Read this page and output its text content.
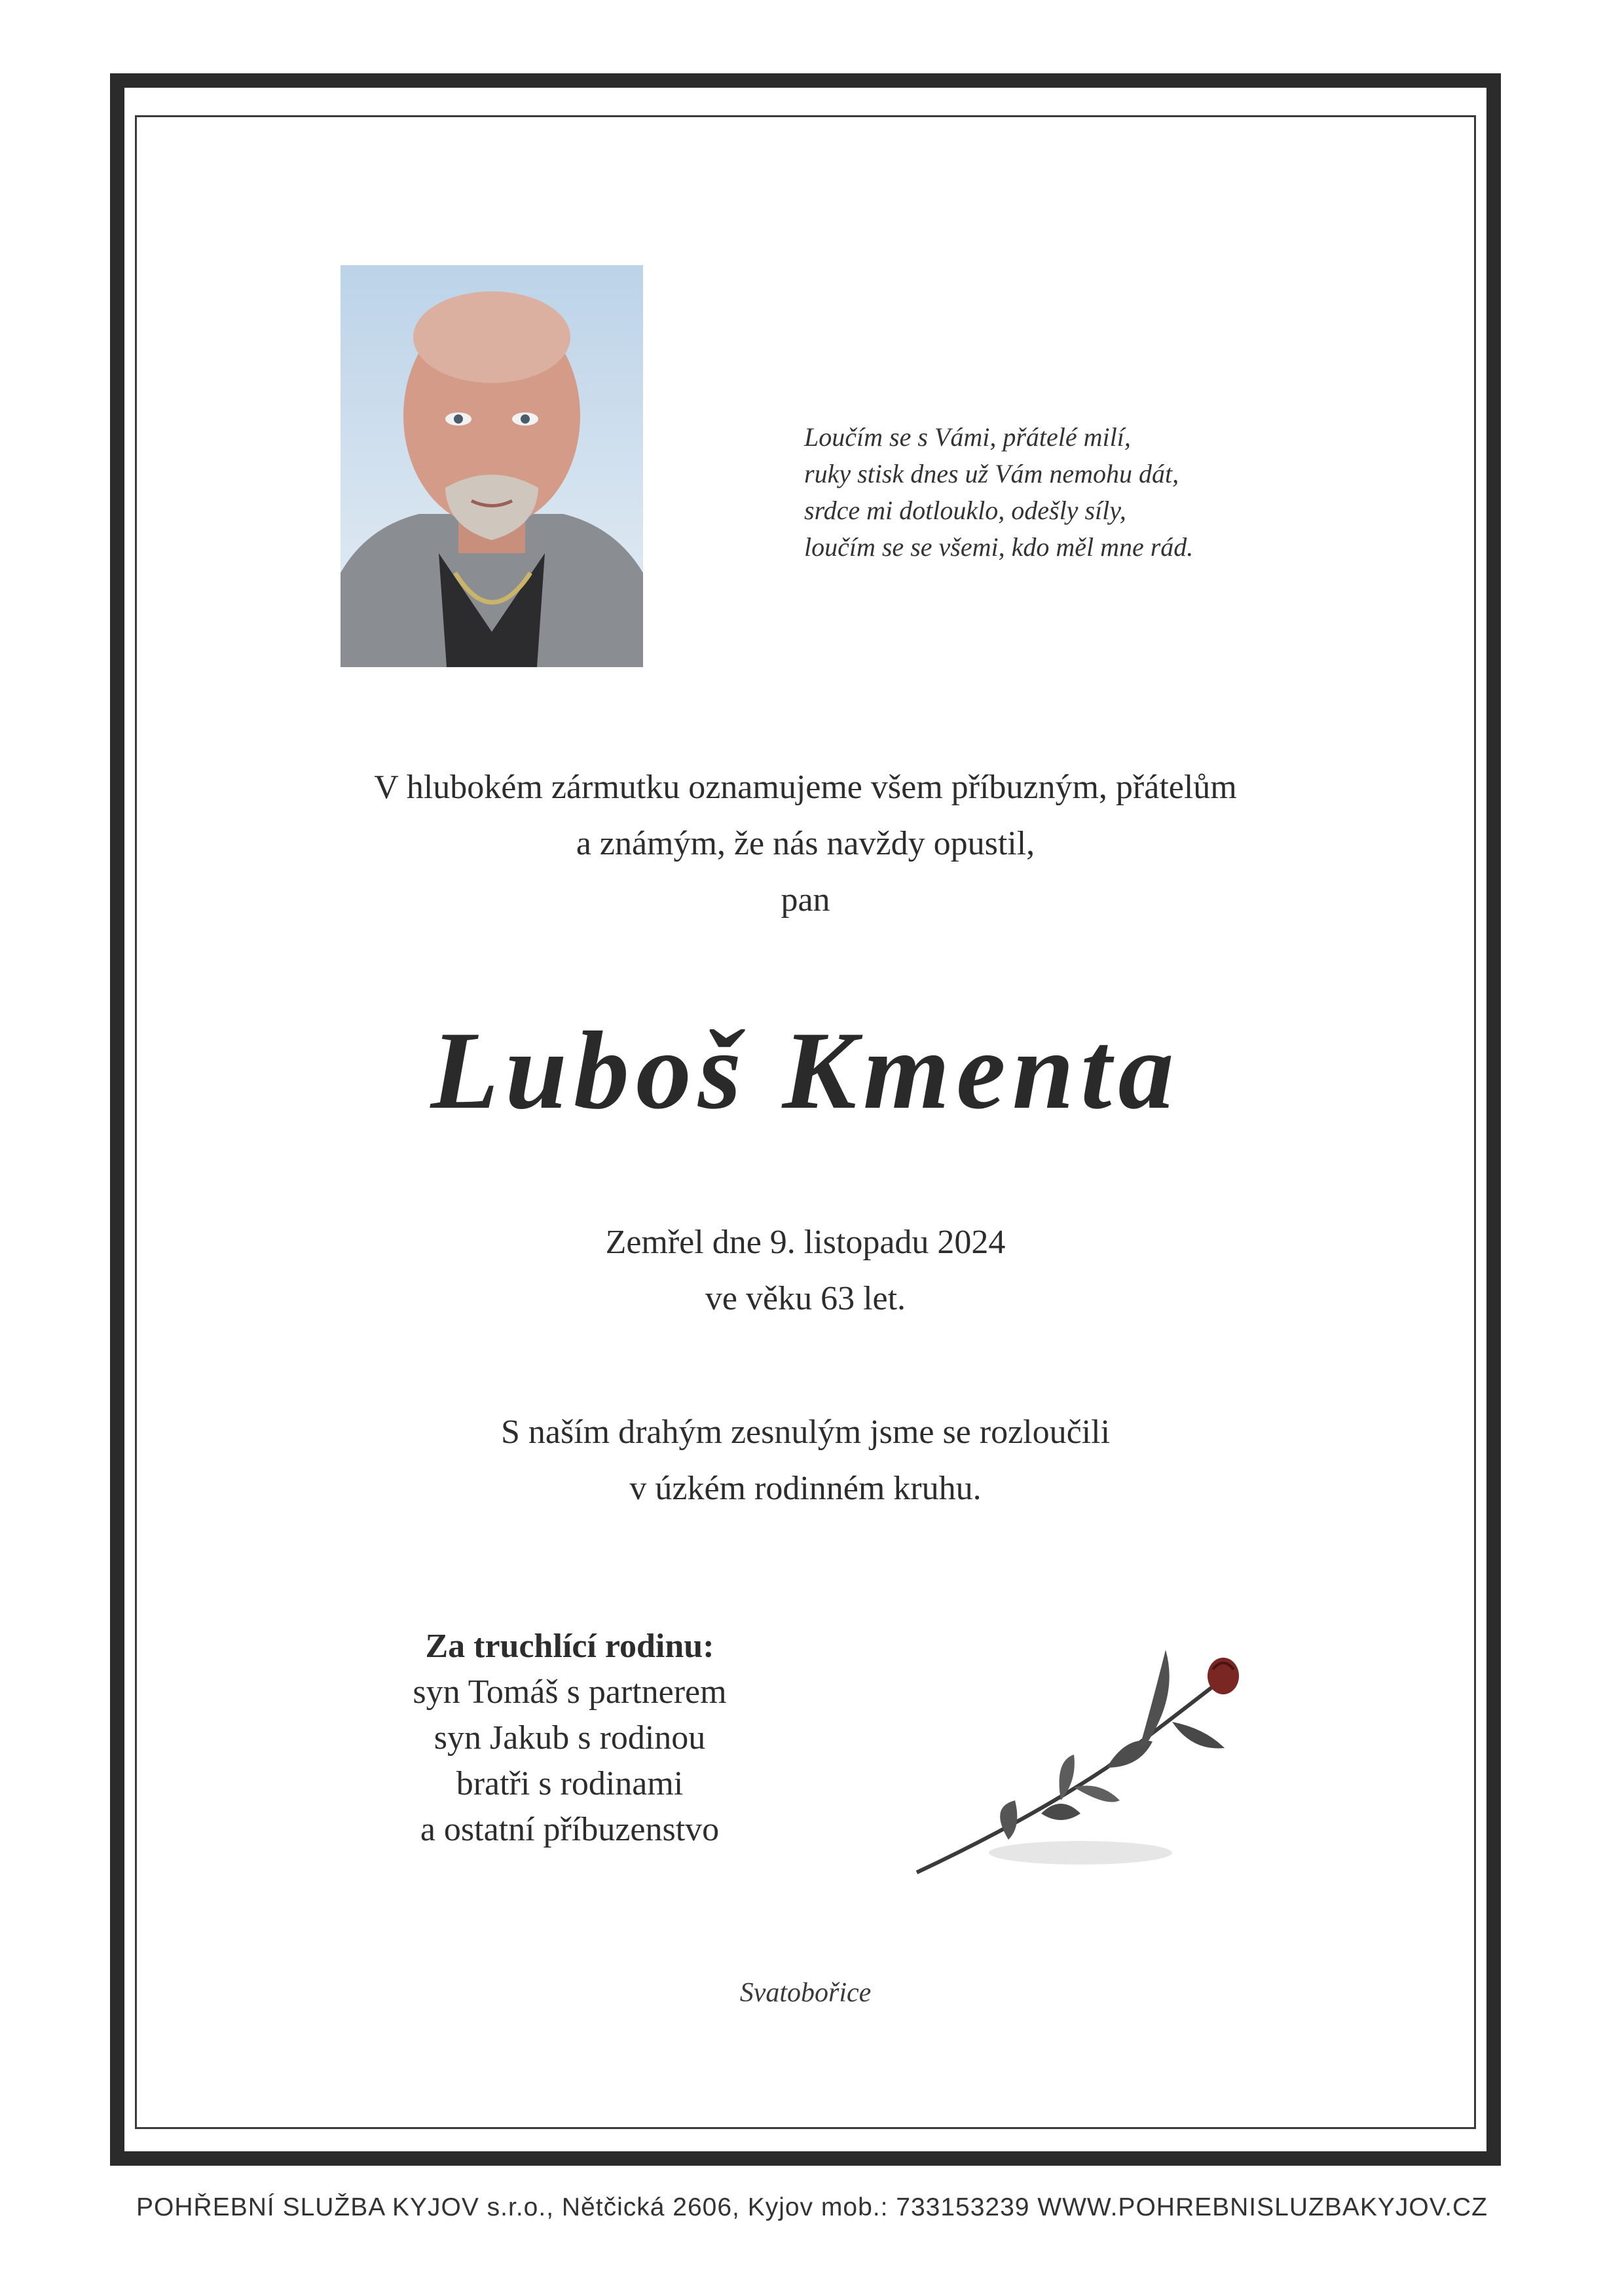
Loučím se s Vámi, přátelé milí,
ruky stisk dnes už Vám nemohu dát,
srdce mi dotlouklo, odešly síly,
loučím se se všemi, kdo měl mne rád.
V hlubokém zármutku oznamujeme všem příbuzným, přátelům
a známým, že nás navždy opustil,
pan
Luboš Kmenta
Zemřel dne 9. listopadu 2024
ve věku 63 let.
S naším drahým zesnulým jsme se rozloučili
v úzkém rodinném kruhu.
Za truchlící rodinu:
syn Tomáš s partnerem
syn Jakub s rodinou
bratři s rodinami
a ostatní příbuzenstvo
Svatobořice
POHŘEBNÍ SLUŽBA KYJOV s.r.o., Nětčická 2606, Kyjov mob.: 733153239 WWW.POHREBNISLUZBAKYJOV.CZ
